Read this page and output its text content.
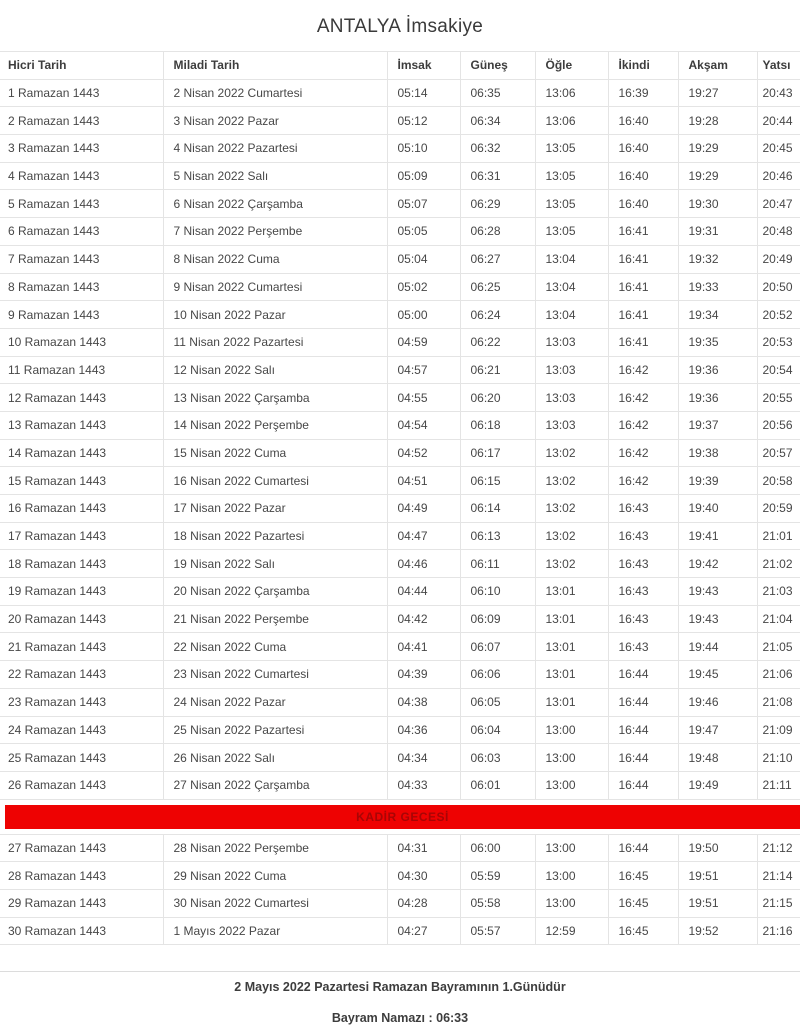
ANTALYA İmsakiye
Hicri Tarih	Miladi Tarih	İmsak	Güneş	Öğle	İkindi	Akşam	Yatsı
1 Ramazan 1443	2 Nisan 2022 Cumartesi	05:14	06:35	13:06	16:39	19:27	20:43
2 Ramazan 1443	3 Nisan 2022 Pazar	05:12	06:34	13:06	16:40	19:28	20:44
3 Ramazan 1443	4 Nisan 2022 Pazartesi	05:10	06:32	13:05	16:40	19:29	20:45
4 Ramazan 1443	5 Nisan 2022 Salı	05:09	06:31	13:05	16:40	19:29	20:46
5 Ramazan 1443	6 Nisan 2022 Çarşamba	05:07	06:29	13:05	16:40	19:30	20:47
6 Ramazan 1443	7 Nisan 2022 Perşembe	05:05	06:28	13:05	16:41	19:31	20:48
7 Ramazan 1443	8 Nisan 2022 Cuma	05:04	06:27	13:04	16:41	19:32	20:49
8 Ramazan 1443	9 Nisan 2022 Cumartesi	05:02	06:25	13:04	16:41	19:33	20:50
9 Ramazan 1443	10 Nisan 2022 Pazar	05:00	06:24	13:04	16:41	19:34	20:52
10 Ramazan 1443	11 Nisan 2022 Pazartesi	04:59	06:22	13:03	16:41	19:35	20:53
11 Ramazan 1443	12 Nisan 2022 Salı	04:57	06:21	13:03	16:42	19:36	20:54
12 Ramazan 1443	13 Nisan 2022 Çarşamba	04:55	06:20	13:03	16:42	19:36	20:55
13 Ramazan 1443	14 Nisan 2022 Perşembe	04:54	06:18	13:03	16:42	19:37	20:56
14 Ramazan 1443	15 Nisan 2022 Cuma	04:52	06:17	13:02	16:42	19:38	20:57
15 Ramazan 1443	16 Nisan 2022 Cumartesi	04:51	06:15	13:02	16:42	19:39	20:58
16 Ramazan 1443	17 Nisan 2022 Pazar	04:49	06:14	13:02	16:43	19:40	20:59
17 Ramazan 1443	18 Nisan 2022 Pazartesi	04:47	06:13	13:02	16:43	19:41	21:01
18 Ramazan 1443	19 Nisan 2022 Salı	04:46	06:11	13:02	16:43	19:42	21:02
19 Ramazan 1443	20 Nisan 2022 Çarşamba	04:44	06:10	13:01	16:43	19:43	21:03
20 Ramazan 1443	21 Nisan 2022 Perşembe	04:42	06:09	13:01	16:43	19:43	21:04
21 Ramazan 1443	22 Nisan 2022 Cuma	04:41	06:07	13:01	16:43	19:44	21:05
22 Ramazan 1443	23 Nisan 2022 Cumartesi	04:39	06:06	13:01	16:44	19:45	21:06
23 Ramazan 1443	24 Nisan 2022 Pazar	04:38	06:05	13:01	16:44	19:46	21:08
24 Ramazan 1443	25 Nisan 2022 Pazartesi	04:36	06:04	13:00	16:44	19:47	21:09
25 Ramazan 1443	26 Nisan 2022 Salı	04:34	06:03	13:00	16:44	19:48	21:10
26 Ramazan 1443	27 Nisan 2022 Çarşamba	04:33	06:01	13:00	16:44	19:49	21:11

KADİR GECESİ							

27 Ramazan 1443	28 Nisan 2022 Perşembe	04:31	06:00	13:00	16:44	19:50	21:12
28 Ramazan 1443	29 Nisan 2022 Cuma	04:30	05:59	13:00	16:45	19:51	21:14
29 Ramazan 1443	30 Nisan 2022 Cumartesi	04:28	05:58	13:00	16:45	19:51	21:15
30 Ramazan 1443	1 Mayıs 2022 Pazar	04:27	05:57	12:59	16:45	19:52	21:16

2 Mayıs 2022 Pazartesi Ramazan Bayramının 1.Günüdür

Bayram Namazı : 06:33
